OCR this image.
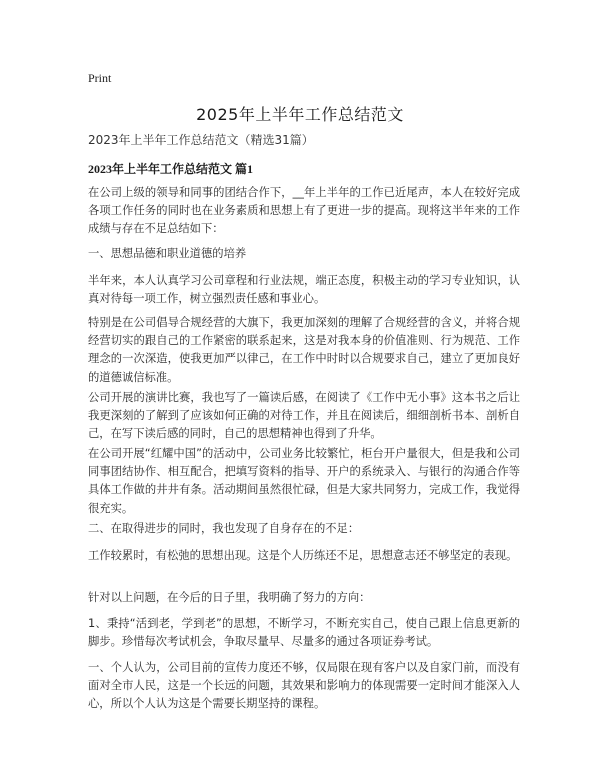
Print
2025年上半年工作总结范文
2023年上半年工作总结范文（精选31篇）
2023年上半年工作总结范文 篇1

在公司上级的领导和同事的团结合作下，__年上半年的工作已近尾声，本人在较好完成各项工作任务的同时也在业务素质和思想上有了更进一步的提高。现将这半年来的工作成绩与存在不足总结如下：

一、思想品德和职业道德的培养

半年来，本人认真学习公司章程和行业法规，端正态度，积极主动的学习专业知识，认真对待每一项工作，树立强烈责任感和事业心。

特别是在公司倡导合规经营的大旗下，我更加深刻的理解了合规经营的含义，并将合规经营切实的跟自己的工作紧密的联系起来，这是对我本身的价值准则、行为规范、工作理念的一次深造，使我更加严以律己，在工作中时时以合规要求自己，建立了更加良好的道德诚信标准。

公司开展的演讲比赛，我也写了一篇读后感，在阅读了《工作中无小事》这本书之后让我更深刻的了解到了应该如何正确的对待工作，并且在阅读后，细细剖析书本、剖析自己，在写下读后感的同时，自己的思想精神也得到了升华。

在公司开展“红耀中国”的活动中，公司业务比较繁忙，柜台开户量很大，但是我和公司同事团结协作、相互配合，把填写资料的指导、开户的系统录入、与银行的沟通合作等具体工作做的井井有条。活动期间虽然很忙碌，但是大家共同努力，完成工作，我觉得很充实。

二、在取得进步的同时，我也发现了自身存在的不足：

工作较累时，有松弛的思想出现。这是个人历练还不足，思想意志还不够坚定的表现。

针对以上问题，在今后的日子里，我明确了努力的方向：

1、秉持“活到老，学到老”的思想，不断学习，不断充实自己，使自己跟上信息更新的脚步。珍惜每次考试机会，争取尽量早、尽量多的通过各项证券考试。

一、个人认为，公司目前的宣传力度还不够，仅局限在现有客户以及自家门前，而没有面对全市人民，这是一个长远的问题，其效果和影响力的体现需要一定时间才能深入人心，所以个人认为这是个需要长期坚持的课程。
